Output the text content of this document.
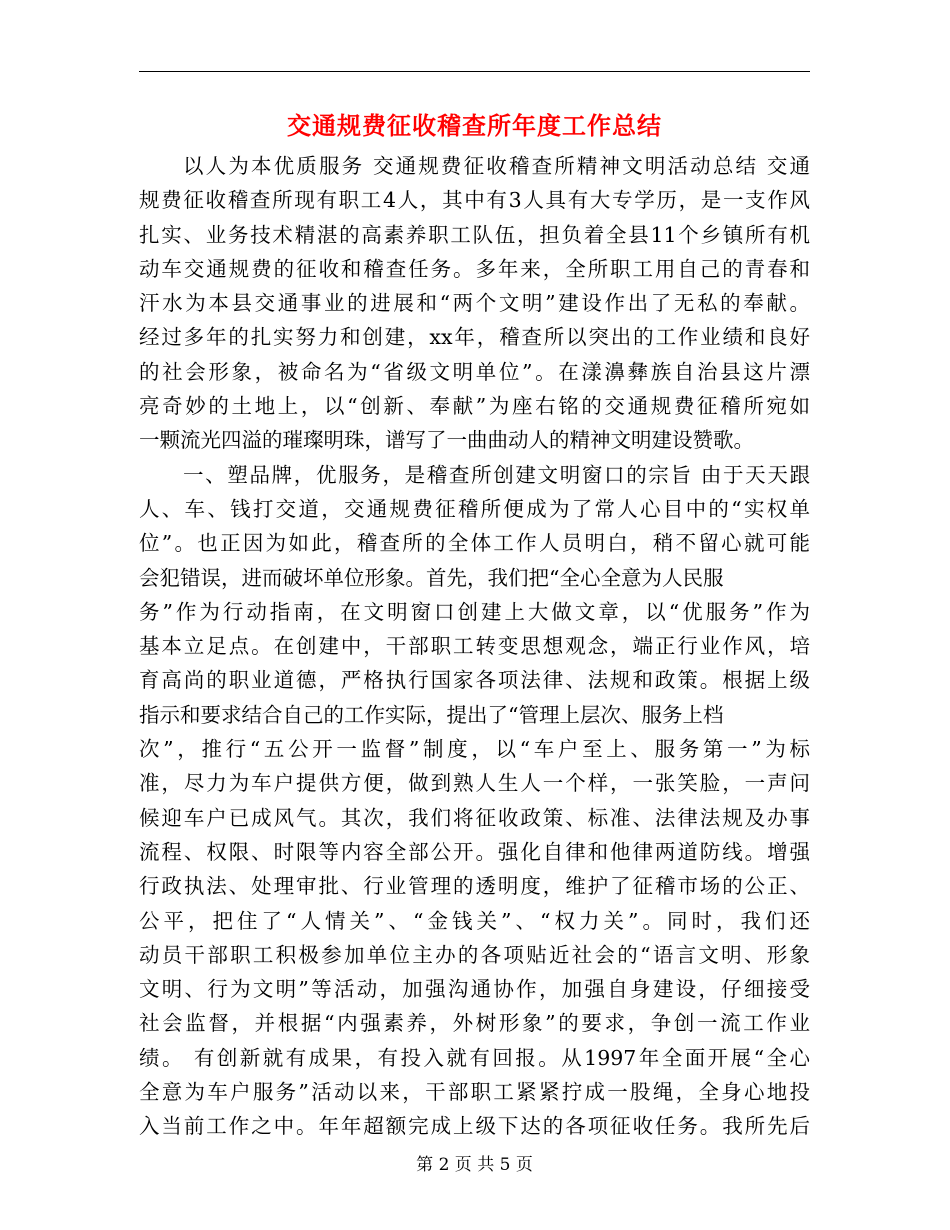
交通规费征收稽查所年度工作总结
以人为本优质服务 交通规费征收稽查所精神文明活动总结 交通
规费征收稽查所现有职工4人，其中有3人具有大专学历，是一支作风
扎实、业务技术精湛的高素养职工队伍，担负着全县11个乡镇所有机
动车交通规费的征收和稽查任务。多年来，全所职工用自己的青春和
汗水为本县交通事业的进展和“两个文明”建设作出了无私的奉献。
经过多年的扎实努力和创建，xx年，稽查所以突出的工作业绩和良好
的社会形象，被命名为“省级文明单位”。在漾濞彝族自治县这片漂
亮奇妙的土地上，以“创新、奉献”为座右铭的交通规费征稽所宛如
一颗流光四溢的璀璨明珠，谱写了一曲曲动人的精神文明建设赞歌。
一、塑品牌，优服务，是稽查所创建文明窗口的宗旨 由于天天跟
人、车、钱打交道，交通规费征稽所便成为了常人心目中的“实权单
位”。也正因为如此，稽查所的全体工作人员明白，稍不留心就可能
会犯错误，进而破坏单位形象。首先，我们把“全心全意为人民服
务”作为行动指南，在文明窗口创建上大做文章，以“优服务”作为
基本立足点。在创建中，干部职工转变思想观念，端正行业作风，培
育高尚的职业道德，严格执行国家各项法律、法规和政策。根据上级
指示和要求结合自己的工作实际，提出了“管理上层次、服务上档
次”，推行“五公开一监督”制度，以“车户至上、服务第一”为标
准，尽力为车户提供方便，做到熟人生人一个样，一张笑脸，一声问
候迎车户已成风气。其次，我们将征收政策、标准、法律法规及办事
流程、权限、时限等内容全部公开。强化自律和他律两道防线。增强
行政执法、处理审批、行业管理的透明度，维护了征稽市场的公正、
公平，把住了“人情关”、“金钱关”、“权力关”。同时，我们还
动员干部职工积极参加单位主办的各项贴近社会的“语言文明、形象
文明、行为文明”等活动，加强沟通协作，加强自身建设，仔细接受
社会监督，并根据“内强素养，外树形象”的要求，争创一流工作业
绩。 有创新就有成果，有投入就有回报。从1997年全面开展“全心
全意为车户服务”活动以来，干部职工紧紧拧成一股绳，全身心地投
入当前工作之中。年年超额完成上级下达的各项征收任务。我所先后
第 2 页 共 5 页
